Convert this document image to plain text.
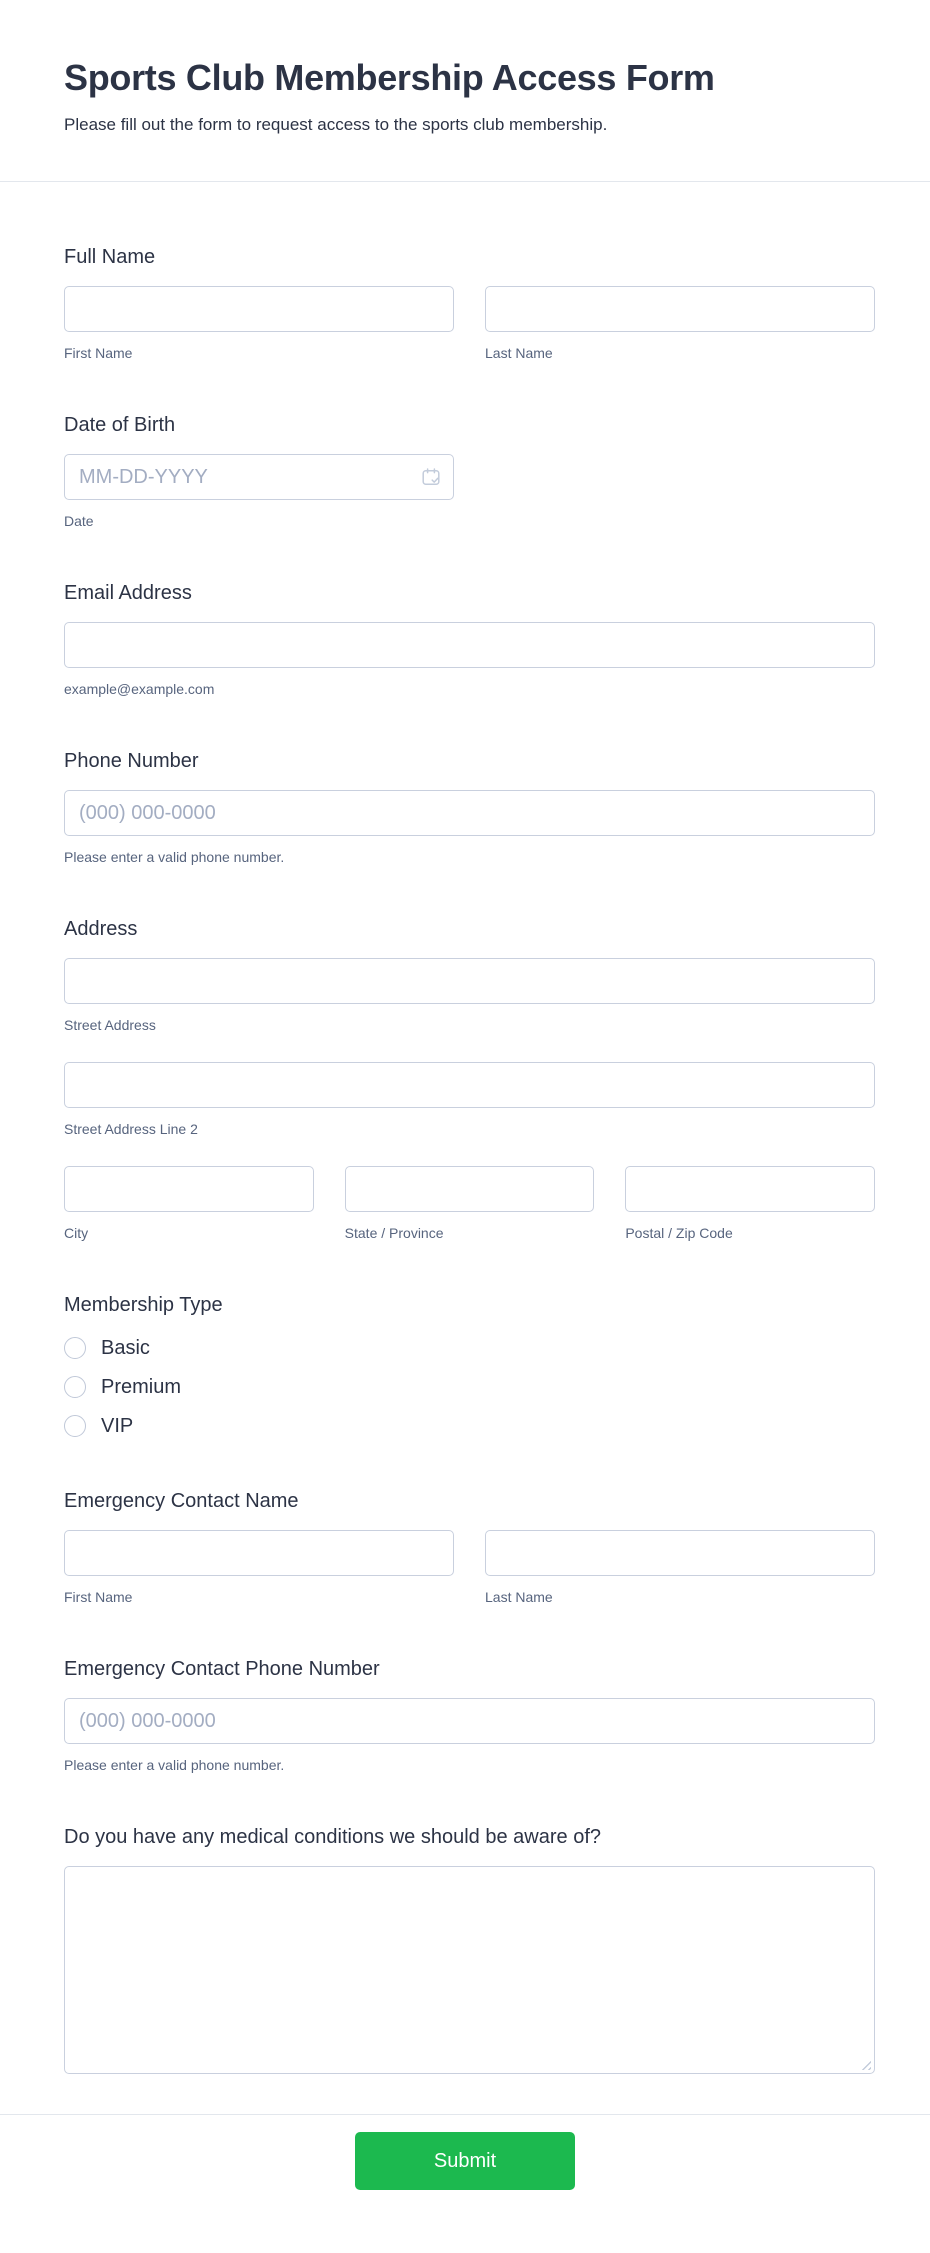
Sports Club Membership Access Form

Please fill out the form to request access to the sports club membership.

Full Name
First Name	Last Name
Date of Birth
MM-DD-YYYY
Date
Email Address
example@example.com
Phone Number
(000) 000-0000
Please enter a valid phone number.
Address
Street Address
Street Address Line 2
City	State / Province	Postal / Zip Code
Membership Type
Basic
Premium
VIP
Emergency Contact Name
First Name	Last Name
Emergency Contact Phone Number
(000) 000-0000
Please enter a valid phone number.
Do you have any medical conditions we should be aware of?
Submit
